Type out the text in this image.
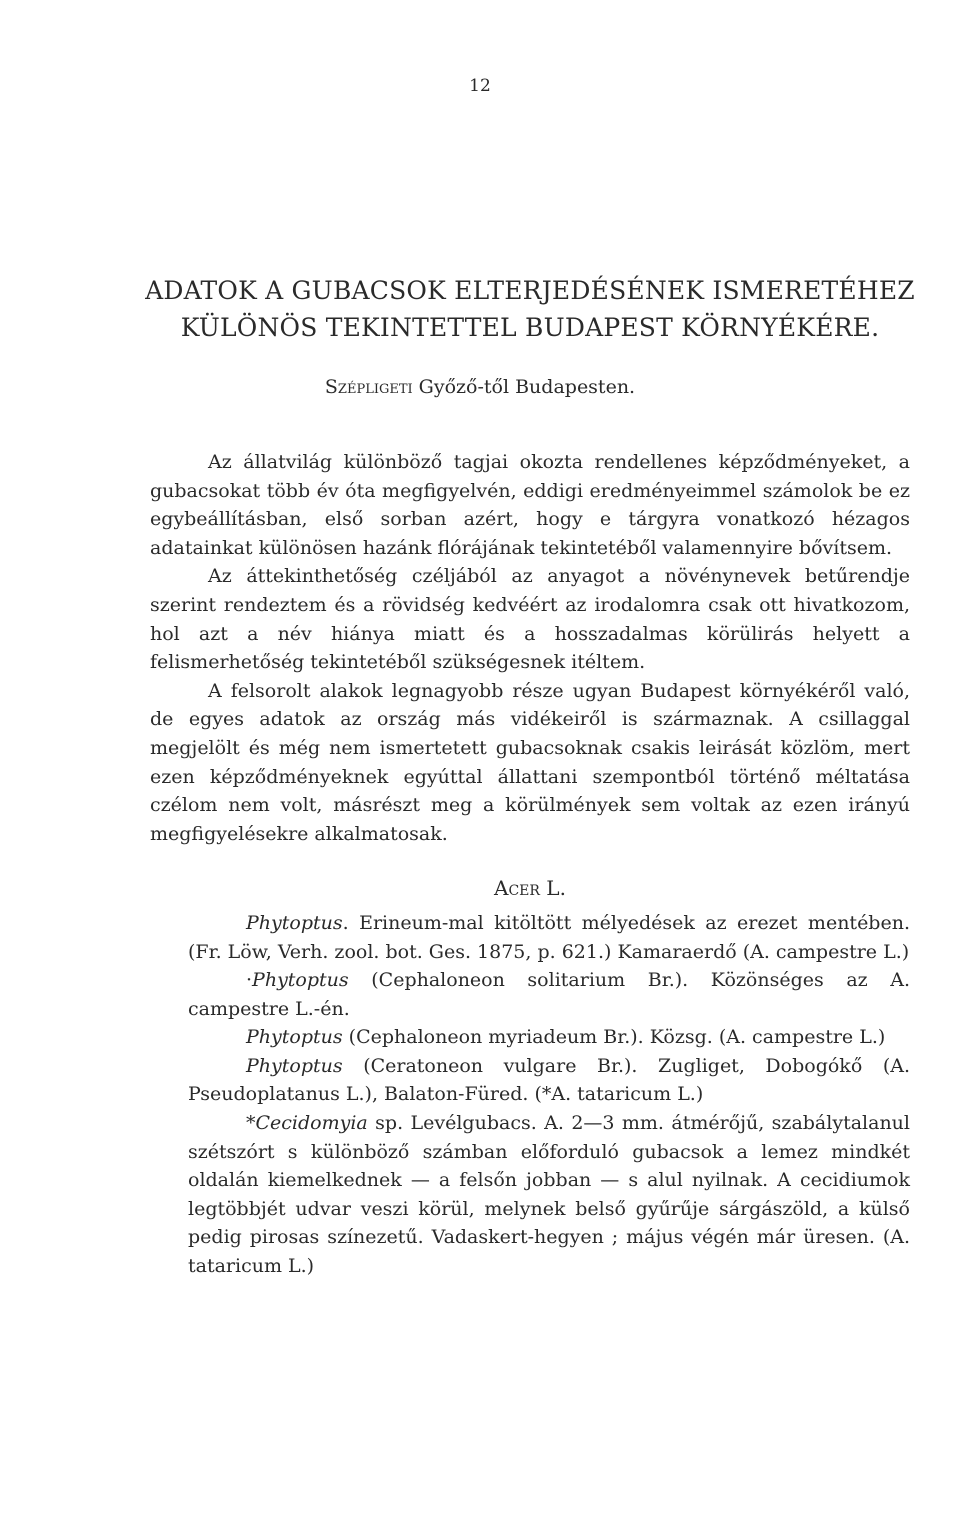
12
ADATOK A GUBACSOK ELTERJEDÉSÉNEK ISMERETÉHEZ
KÜLÖNÖS TEKINTETTEL BUDAPEST KÖRNYÉKÉRE.
Szépligeti Győző-től Budapesten.

Az állatvilág különböző tagjai okozta rendellenes képződményeket, a gubacsokat több év óta megfigyelvén, eddigi eredményeimmel számolok be ez egybeállításban, első sorban azért, hogy e tárgyra vonatkozó hézagos adatainkat különösen hazánk flórájának tekintetéből valamennyire bővítsem.

Az áttekinthetőség czéljából az anyagot a növénynevek betűrendje szerint rendeztem és a rövidség kedvéért az irodalomra csak ott hivatkozom, hol azt a név hiánya miatt és a hosszadalmas körülirás helyett a felismerhetőség tekintetéből szükségesnek itéltem.

A felsorolt alakok legnagyobb része ugyan Budapest környékéről való, de egyes adatok az ország más vidékeiről is származnak. A csillaggal megjelölt és még nem ismertetett gubacsoknak csakis leirását közlöm, mert ezen képződményeknek egyúttal állattani szempontból történő méltatása czélom nem volt, másrészt meg a körülmények sem voltak az ezen irányú megfigyelésekre alkalmatosak.

Acer L.

Phytoptus. Erineum-mal kitöltött mélyedések az erezet mentében. (Fr. Löw, Verh. zool. bot. Ges. 1875, p. 621.) Kamaraerdő (A. campestre L.)

·Phytoptus (Cephaloneon solitarium Br.). Közönséges az A. campestre L.-én.

Phytoptus (Cephaloneon myriadeum Br.). Közsg. (A. campestre L.)

Phytoptus (Ceratoneon vulgare Br.). Zugliget, Dobogókő (A. Pseudoplatanus L.), Balaton-Füred. (*A. tataricum L.)

*Cecidomyia sp. Levélgubacs. A. 2—3 mm. átmérőjű, szabálytalanul szétszórt s különböző számban előforduló gubacsok a lemez mindkét oldalán kiemelkednek — a felsőn jobban — s alul nyilnak. A cecidiumok legtöbbjét udvar veszi körül, melynek belső gyűrűje sárgászöld, a külső pedig pirosas színezetű. Vadaskert-hegyen ; május végén már üresen. (A. tataricum L.)
